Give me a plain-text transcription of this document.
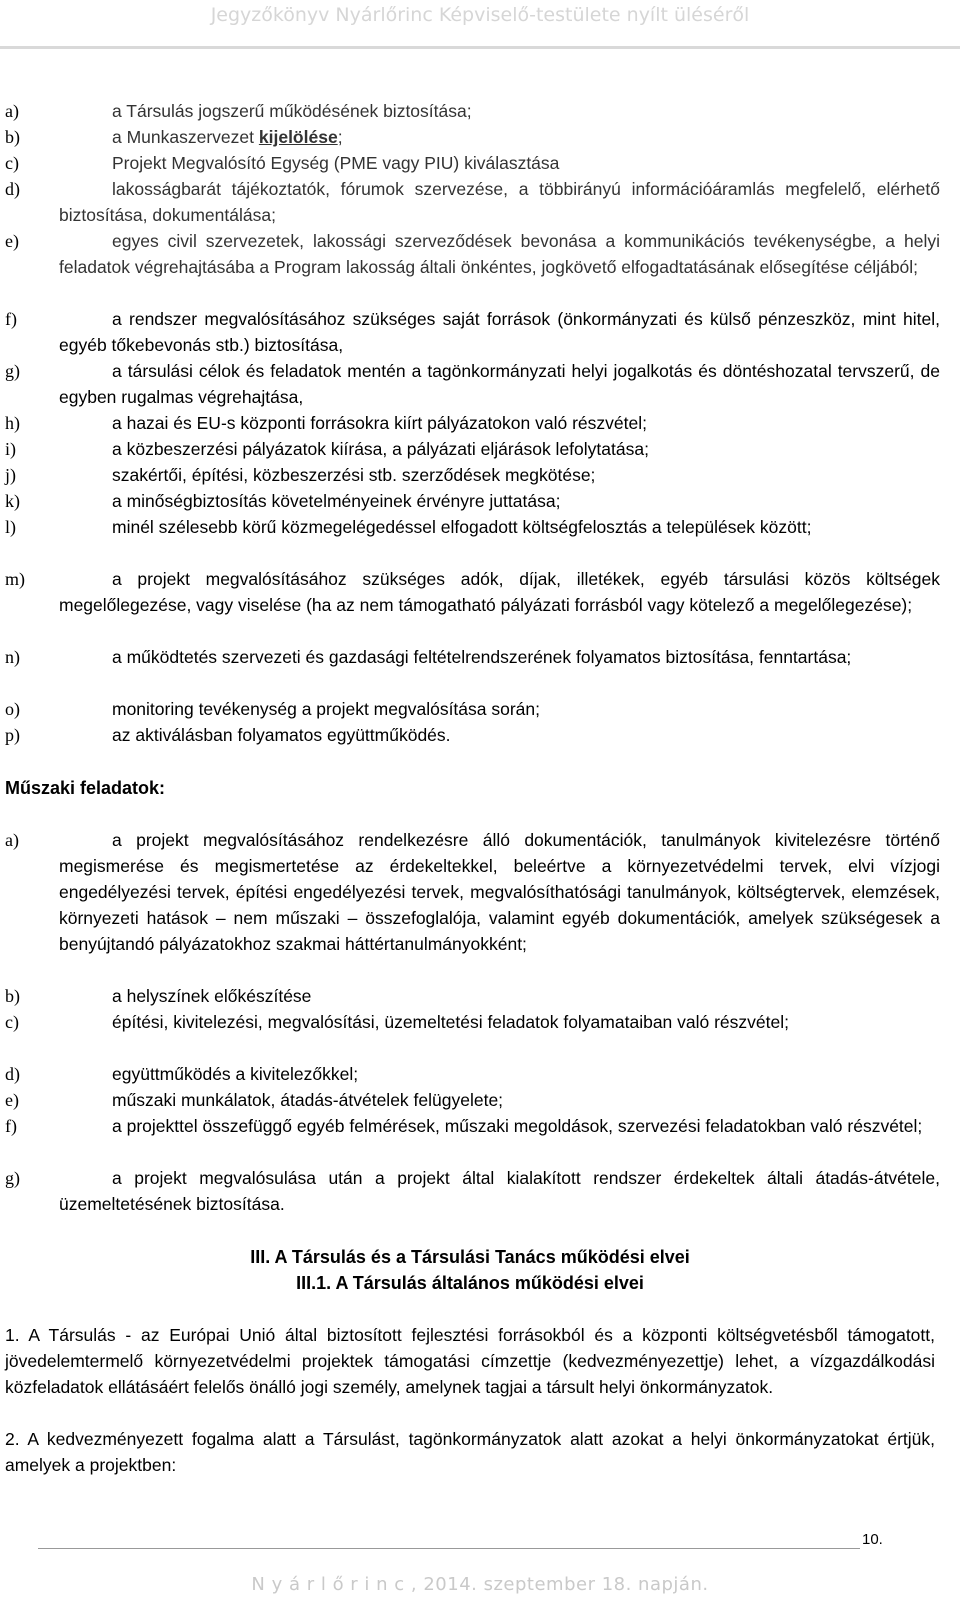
Jegyzőkönyv Nyárlőrinc Képviselő-testülete nyílt üléséről
a)	a Társulás jogszerű működésének biztosítása;
b)	a Munkaszervezet kijelölése;
c)	Projekt Megvalósító Egység (PME vagy PIU) kiválasztása
d)	lakosságbarát tájékoztatók, fórumok szervezése, a többirányú információáramlás megfelelő, elérhető biztosítása, dokumentálása;
e)	egyes civil szervezetek, lakossági szerveződések bevonása a kommunikációs tevékenységbe, a helyi feladatok végrehajtásába a Program lakosság általi önkéntes, jogkövető elfogadtatásának elősegítése céljából;
f)	a rendszer megvalósításához szükséges saját források (önkormányzati és külső pénzeszköz, mint hitel, egyéb tőkebevonás stb.) biztosítása,
g)	a társulási célok és feladatok mentén a tagönkormányzati helyi jogalkotás és döntéshozatal tervszerű, de egyben rugalmas végrehajtása,
h)	a hazai és EU-s központi forrásokra kiírt pályázatokon való részvétel;
i)	a közbeszerzési pályázatok kiírása, a pályázati eljárások lefolytatása;
j)	szakértői, építési, közbeszerzési stb. szerződések megkötése;
k)	a minőségbiztosítás követelményeinek érvényre juttatása;
l)	minél szélesebb körű közmegelégedéssel elfogadott költségfelosztás a települések között;
m)	a projekt megvalósításához szükséges adók, díjak, illetékek, egyéb társulási közös költségek megelőlegezése, vagy viselése (ha az nem támogatható pályázati forrásból vagy kötelező a megelőlegezése);
n)	a működtetés szervezeti és gazdasági feltételrendszerének folyamatos biztosítása, fenntartása;
o)	monitoring tevékenység a projekt megvalósítása során;
p)	az aktiválásban folyamatos együttműködés.
Műszaki feladatok:
a)	a projekt megvalósításához rendelkezésre álló dokumentációk, tanulmányok kivitelezésre történő megismerése és megismertetése az érdekeltekkel, beleértve a környezetvédelmi tervek, elvi vízjogi engedélyezési tervek, építési engedélyezési tervek, megvalósíthatósági tanulmányok, költségtervek, elemzések, környezeti hatások – nem műszaki – összefoglalója, valamint egyéb dokumentációk, amelyek szükségesek a benyújtandó pályázatokhoz szakmai háttértanulmányokként;
b)	a helyszínek előkészítése
c)	építési, kivitelezési, megvalósítási, üzemeltetési feladatok folyamataiban való részvétel;
d)	együttműködés a kivitelezőkkel;
e)	műszaki munkálatok, átadás-átvételek felügyelete;
f)	a projekttel összefüggő egyéb felmérések, műszaki megoldások, szervezési feladatokban való részvétel;
g)	a projekt megvalósulása után a projekt által kialakított rendszer érdekeltek általi átadás-átvétele, üzemeltetésének biztosítása.
III. A Társulás és a Társulási Tanács működési elvei
III.1. A Társulás általános működési elvei
1. A Társulás - az Európai Unió által biztosított fejlesztési forrásokból és a központi költségvetésből támogatott, jövedelemtermelő környezetvédelmi projektek támogatási címzettje (kedvezményezettje) lehet, a vízgazdálkodási közfeladatok ellátásáért felelős önálló jogi személy, amelynek tagjai a társult helyi önkormányzatok.
2. A kedvezményezett fogalma alatt a Társulást, tagönkormányzatok alatt azokat a helyi önkormányzatokat értjük, amelyek a projektben:
10.
N y á r l ő r i n c , 2014. szeptember 18. napján.
